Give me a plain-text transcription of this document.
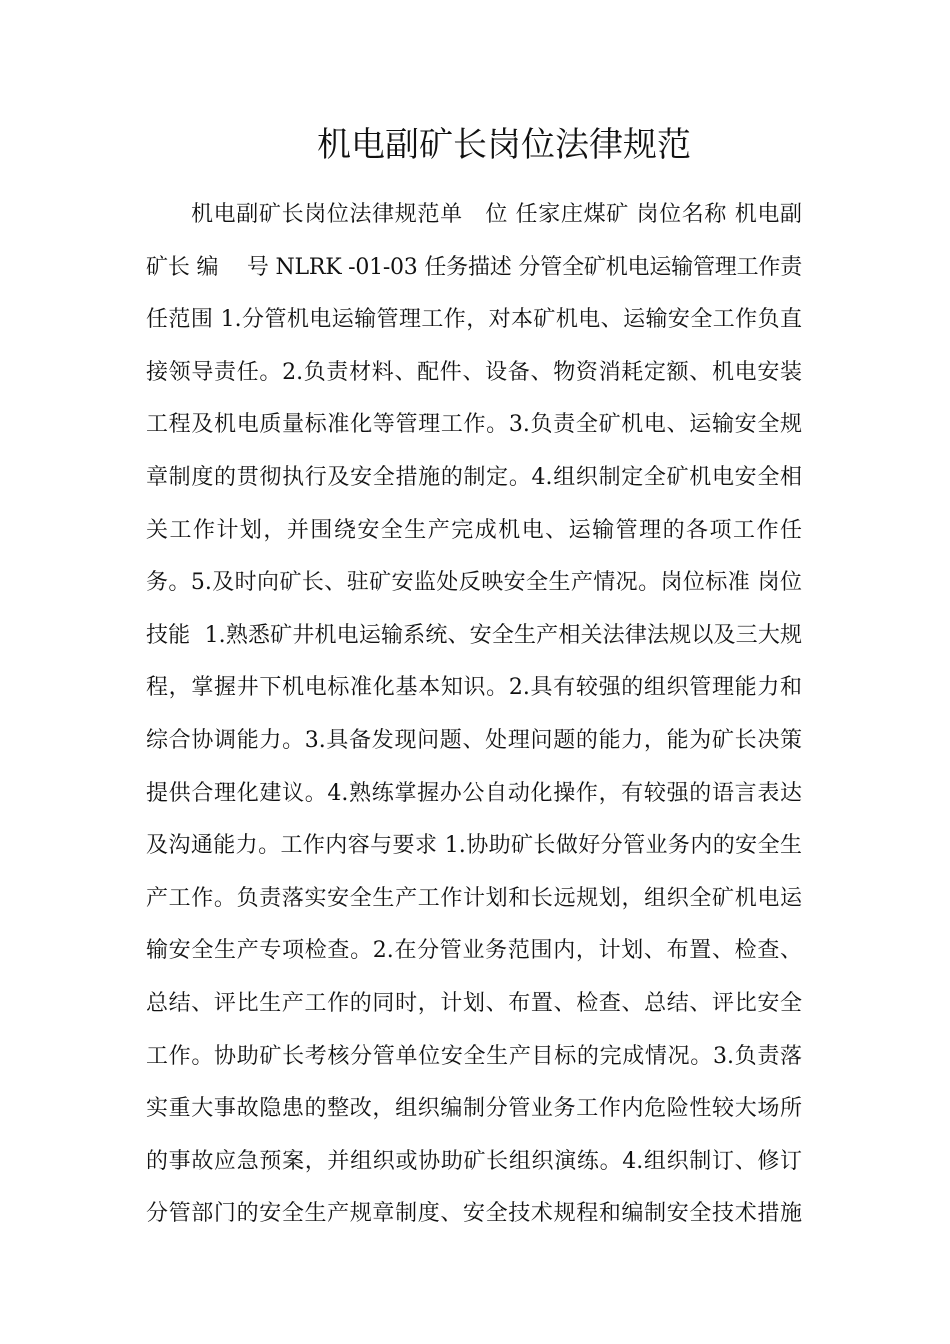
机电副矿长岗位法律规范
机电副矿长岗位法律规范单　位 任家庄煤矿 岗位名称 机电副
矿长 编　 号 NLRK -01-03 任务描述 分管全矿机电运输管理工作责
任范围 1.分管机电运输管理工作，对本矿机电、运输安全工作负直
接领导责任。2.负责材料、配件、设备、物资消耗定额、机电安装
工程及机电质量标准化等管理工作。3.负责全矿机电、运输安全规
章制度的贯彻执行及安全措施的制定。4.组织制定全矿机电安全相
关工作计划，并围绕安全生产完成机电、运输管理的各项工作任
务。5.及时向矿长、驻矿安监处反映安全生产情况。岗位标准 岗位
技能  1.熟悉矿井机电运输系统、安全生产相关法律法规以及三大规
程，掌握井下机电标准化基本知识。2.具有较强的组织管理能力和
综合协调能力。3.具备发现问题、处理问题的能力，能为矿长决策
提供合理化建议。4.熟练掌握办公自动化操作，有较强的语言表达
及沟通能力。工作内容与要求 1.协助矿长做好分管业务内的安全生
产工作。负责落实安全生产工作计划和长远规划，组织全矿机电运
输安全生产专项检查。2.在分管业务范围内，计划、布置、检查、
总结、评比生产工作的同时，计划、布置、检查、总结、评比安全
工作。协助矿长考核分管单位安全生产目标的完成情况。3.负责落
实重大事故隐患的整改，组织编制分管业务工作内危险性较大场所
的事故应急预案，并组织或协助矿长组织演练。4.组织制订、修订
分管部门的安全生产规章制度、安全技术规程和编制安全技术措施
